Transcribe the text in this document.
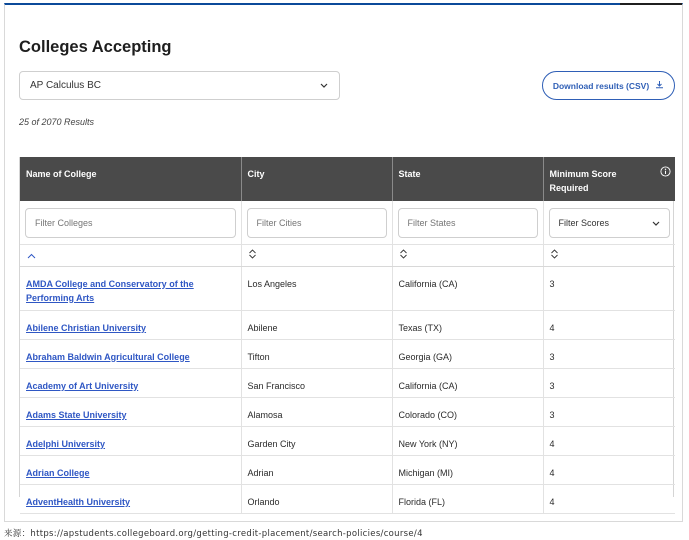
Colleges Accepting
AP Calculus BC	Download results (CSV)
25 of 2070 Results
Name of College	City	State	Minimum Score Required

Filter Colleges	Filter Cities	Filter States	
Filter Scores

AMDA College and Conservatory of the Performing Arts	Los Angeles	California (CA)	3
Abilene Christian University	Abilene	Texas (TX)	4
Abraham Baldwin Agricultural College	Tifton	Georgia (GA)	3
Academy of Art University	San Francisco	California (CA)	3
Adams State University	Alamosa	Colorado (CO)	3
Adelphi University	Garden City	New York (NY)	4
Adrian College	Adrian	Michigan (MI)	4
AdventHealth University	Orlando	Florida (FL)	4
来源：https://apstudents.collegeboard.org/getting-credit-placement/search-policies/course/4
